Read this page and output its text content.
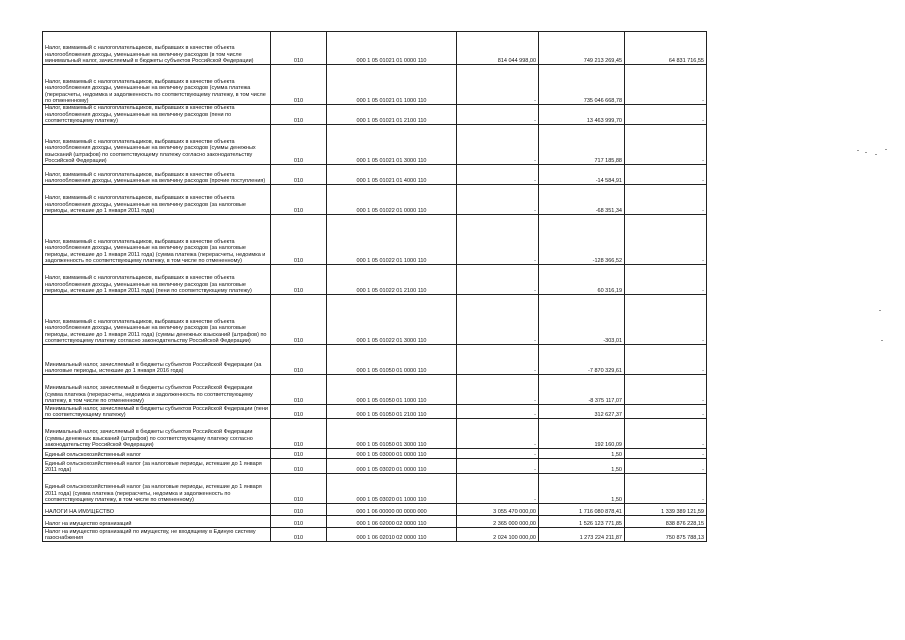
Налог, взимаемый с налогоплательщиков, выбравших в качестве объекта налогообложения доходы, уменьшенные на величину расходов (в том числе минимальный налог, зачисляемый в бюджеты субъектов Российской Федерации)	010	000 1 05 01021 01 0000 110	814 044 998,00	749 213 269,45	64 831 716,55
Налог, взимаемый с налогоплательщиков, выбравших в качестве объекта налогообложения доходы, уменьшенные на величину расходов (сумма платежа (перерасчеты, недоимка и задолженность по соответствующему платежу, в том числе по отмененному)	010	000 1 05 01021 01 1000 110	-	735 046 668,78	-
Налог, взимаемый с налогоплательщиков, выбравших в качестве объекта налогообложения доходы, уменьшенные на величину расходов (пени по соответствующему платежу)	010	000 1 05 01021 01 2100 110	-	13 463 999,70	-
Налог, взимаемый с налогоплательщиков, выбравших в качестве объекта налогообложения доходы, уменьшенные на величину расходов (суммы денежных взысканий (штрафов) по соответствующему платежу согласно законодательству Российской Федерации)	010	000 1 05 01021 01 3000 110	-	717 185,88	-
Налог, взимаемый с налогоплательщиков, выбравших в качестве объекта налогообложения доходы, уменьшенные на величину расходов (прочие поступления)	010	000 1 05 01021 01 4000 110	-	-14 584,91	-
Налог, взимаемый с налогоплательщиков, выбравших в качестве объекта налогообложения доходы, уменьшенные на величину расходов (за налоговые периоды, истекшие до 1 января 2011 года)	010	000 1 05 01022 01 0000 110	-	-68 351,34	-
Налог, взимаемый с налогоплательщиков, выбравших в качестве объекта налогообложения доходы, уменьшенные на величину расходов (за налоговые периоды, истекшие до 1 января 2011 года) (сумма платежа (перерасчеты, недоимка и задолженность по соответствующему платежу, в том числе по отмененному)	010	000 1 05 01022 01 1000 110	-	-128 366,52	-
Налог, взимаемый с налогоплательщиков, выбравших в качестве объекта налогообложения доходы, уменьшенные на величину расходов (за налоговые периоды, истекшие до 1 января 2011 года) (пени по соответствующему платежу)	010	000 1 05 01022 01 2100 110	-	60 316,19	-
Налог, взимаемый с налогоплательщиков, выбравших в качестве объекта налогообложения доходы, уменьшенные на величину расходов (за налоговые периоды, истекшие до 1 января 2011 года) (суммы денежных взысканий (штрафов) по соответствующему платежу согласно законодательству Российской Федерации)	010	000 1 05 01022 01 3000 110	-	-303,01	-
Минимальный налог, зачисляемый в бюджеты субъектов Российской Федерации (за налоговые периоды, истекшие до 1 января 2016 года)	010	000 1 05 01050 01 0000 110	-	-7 870 329,61	-
Минимальный налог, зачисляемый в бюджеты субъектов Российской Федерации (сумма платежа (перерасчеты, недоимка и задолженность по соответствующему платежу, в том числе по отмененному)	010	000 1 05 01050 01 1000 110	-	-8 375 117,07	-
Минимальный налог, зачисляемый в бюджеты субъектов Российской Федерации (пени по соответствующему платежу)	010	000 1 05 01050 01 2100 110	-	312 627,37	-
Минимальный налог, зачисляемый в бюджеты субъектов Российской Федерации (суммы денежных взысканий (штрафов) по соответствующему платежу согласно законодательству Российской Федерации)	010	000 1 05 01050 01 3000 110	-	192 160,09	-
Единый сельскохозяйственный налог	010	000 1 05 03000 01 0000 110	-	1,50	-
Единый сельскохозяйственный налог (за налоговые периоды, истекшие до 1 января 2011 года)	010	000 1 05 03020 01 0000 110	-	1,50	-
Единый сельскохозяйственный налог (за налоговые периоды, истекшие до 1 января 2011 года) (сумма платежа (перерасчеты, недоимка и задолженность по соответствующему платежу, в том числе по отмененному)	010	000 1 05 03020 01 1000 110	-	1,50	-
НАЛОГИ НА ИМУЩЕСТВО	010	000 1 06 00000 00 0000 000	3 055 470 000,00	1 716 080 878,41	1 339 389 121,59
Налог на имущество организаций	010	000 1 06 02000 02 0000 110	2 365 000 000,00	1 526 123 771,85	838 876 228,15
Налог на имущество организаций по имуществу, не входящему в Единую систему газоснабжения	010	000 1 06 02010 02 0000 110	2 024 100 000,00	1 273 224 211,87	750 875 788,13
